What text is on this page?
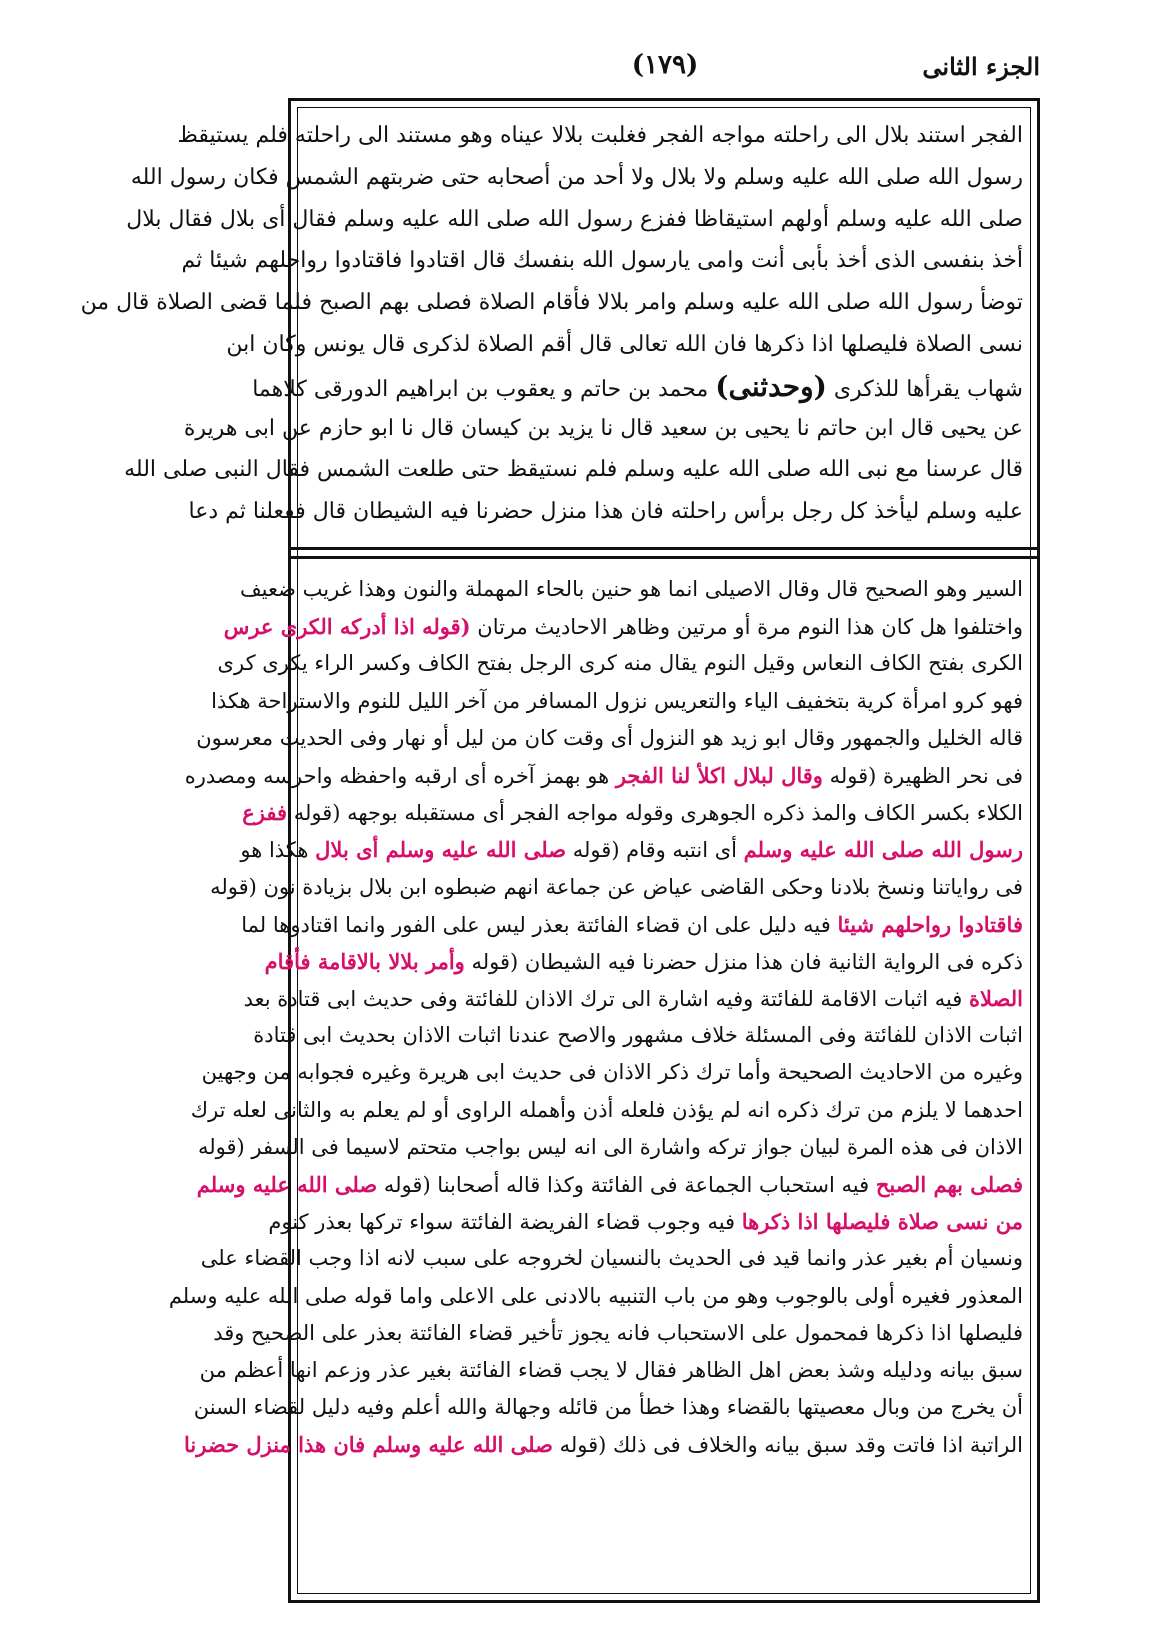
الجزء الثانى
(١٧٩)
الفجر استند بلال الى راحلته مواجه الفجر فغلبت بلالا عيناه وهو مستند الى راحلته فلم يستيقظ
رسول الله صلى الله عليه وسلم ولا بلال ولا أحد من أصحابه حتى ضربتهم الشمس فكان رسول الله
صلى الله عليه وسلم أولهم استيقاظا ففزع رسول الله صلى الله عليه وسلم فقال أى بلال فقال بلال
أخذ بنفسى الذى أخذ بأبى أنت وامى يارسول الله بنفسك قال اقتادوا فاقتادوا رواحلهم شيئا ثم
توضأ رسول الله صلى الله عليه وسلم وامر بلالا فأقام الصلاة فصلى بهم الصبح فلما قضى الصلاة قال من
نسى الصلاة فليصلها اذا ذكرها فان الله تعالى قال أقم الصلاة لذكرى قال يونس وكان ابن
شهاب يقرأها للذكرى (وحدثنى) محمد بن حاتم و يعقوب بن ابراهيم الدورقى كلاهما
عن يحيى قال ابن حاتم نا يحيى بن سعيد قال نا يزيد بن كيسان قال نا ابو حازم عن ابى هريرة
قال عرسنا مع نبى الله صلى الله عليه وسلم فلم نستيقظ حتى طلعت الشمس فقال النبى صلى الله
عليه وسلم ليأخذ كل رجل برأس راحلته فان هذا منزل حضرنا فيه الشيطان قال ففعلنا ثم دعا
السير وهو الصحيح قال وقال الاصيلى انما هو حنين بالحاء المهملة والنون وهذا غريب ضعيف
واختلفوا هل كان هذا النوم مرة أو مرتين وظاهر الاحاديث مرتان (قوله اذا أدركه الكرى عرس
الكرى بفتح الكاف النعاس وقيل النوم يقال منه كرى الرجل بفتح الكاف وكسر الراء يكرى كرى
فهو كرو امرأة كرية بتخفيف الياء والتعريس نزول المسافر من آخر الليل للنوم والاستراحة هكذا
قاله الخليل والجمهور وقال ابو زيد هو النزول أى وقت كان من ليل أو نهار وفى الحديث معرسون
فى نحر الظهيرة (قوله وقال لبلال اكلأ لنا الفجر هو بهمز آخره أى ارقبه واحفظه واحرسه ومصدره
الكلاء بكسر الكاف والمذ ذكره الجوهرى وقوله مواجه الفجر أى مستقبله بوجهه (قوله ففزع
رسول الله صلى الله عليه وسلم أى انتبه وقام (قوله صلى الله عليه وسلم أى بلال هكذا هو
فى رواياتنا ونسخ بلادنا وحكى القاضى عياض عن جماعة انهم ضبطوه ابن بلال بزيادة نون (قوله
فاقتادوا رواحلهم شيئا فيه دليل على ان قضاء الفائتة بعذر ليس على الفور وانما اقتادوها لما
ذكره فى الرواية الثانية فان هذا منزل حضرنا فيه الشيطان (قوله وأمر بلالا بالاقامة فأقام
الصلاة فيه اثبات الاقامة للفائتة وفيه اشارة الى ترك الاذان للفائتة وفى حديث ابى قتادة بعد
اثبات الاذان للفائتة وفى المسئلة خلاف مشهور والاصح عندنا اثبات الاذان بحديث ابى قتادة
وغيره من الاحاديث الصحيحة وأما ترك ذكر الاذان فى حديث ابى هريرة وغيره فجوابه من وجهين
احدهما لا يلزم من ترك ذكره انه لم يؤذن فلعله أذن وأهمله الراوى أو لم يعلم به والثانى لعله ترك
الاذان فى هذه المرة لبيان جواز تركه واشارة الى انه ليس بواجب متحتم لاسيما فى السفر (قوله
فصلى بهم الصبح فيه استحباب الجماعة فى الفائتة وكذا قاله أصحابنا (قوله صلى الله عليه وسلم
من نسى صلاة فليصلها اذا ذكرها فيه وجوب قضاء الفريضة الفائتة سواء تركها بعذر كنوم
ونسيان أم بغير عذر وانما قيد فى الحديث بالنسيان لخروجه على سبب لانه اذا وجب القضاء على
المعذور فغيره أولى بالوجوب وهو من باب التنبيه بالادنى على الاعلى واما قوله صلى الله عليه وسلم
فليصلها اذا ذكرها فمحمول على الاستحباب فانه يجوز تأخير قضاء الفائتة بعذر على الصحيح وقد
سبق بيانه ودليله وشذ بعض اهل الظاهر فقال لا يجب قضاء الفائتة بغير عذر وزعم انها أعظم من
أن يخرج من وبال معصيتها بالقضاء وهذا خطأ من قائله وجهالة والله أعلم وفيه دليل لقضاء السنن
الراتبة اذا فاتت وقد سبق بيانه والخلاف فى ذلك (قوله صلى الله عليه وسلم فان هذا منزل حضرنا
